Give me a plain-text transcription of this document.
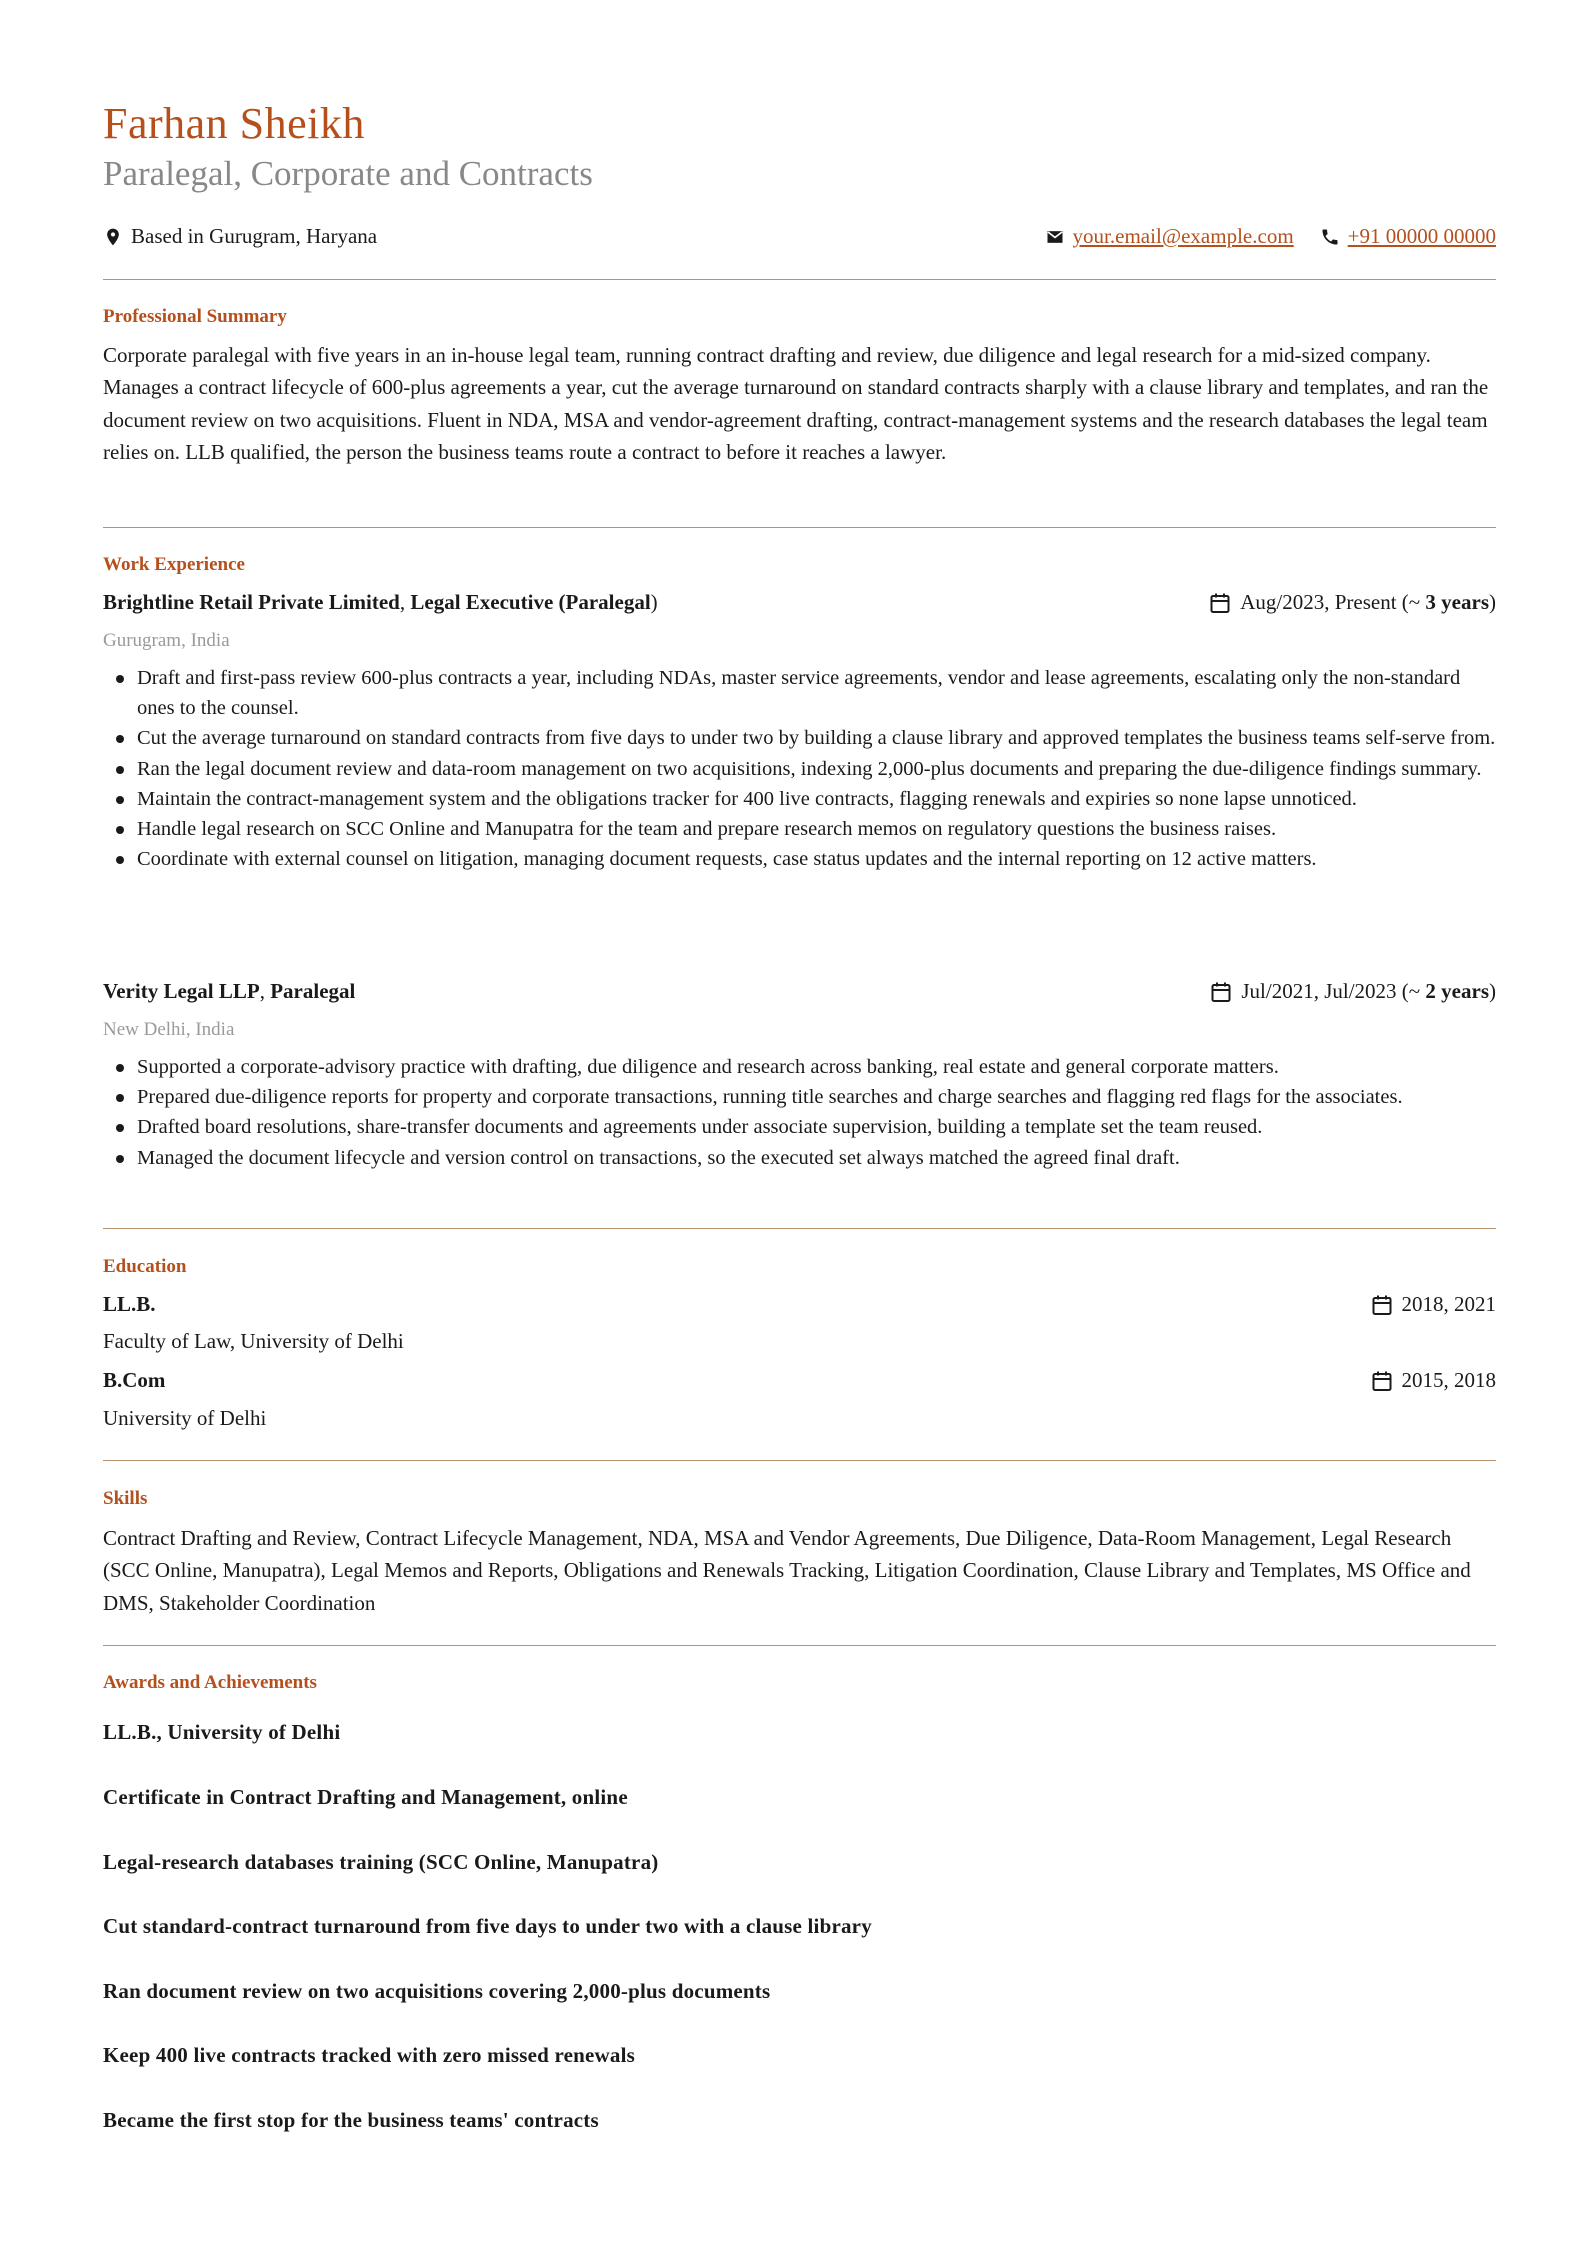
Farhan Sheikh
Paralegal, Corporate and Contracts
Based in Gurugram, Haryana	your.email@example.com	+91 00000 00000
Professional Summary
Corporate paralegal with five years in an in-house legal team, running contract drafting and review, due diligence and legal research for a mid-sized company. Manages a contract lifecycle of 600-plus agreements a year, cut the average turnaround on standard contracts sharply with a clause library and templates, and ran the document review on two acquisitions. Fluent in NDA, MSA and vendor-agreement drafting, contract-management systems and the research databases the legal team relies on. LLB qualified, the person the business teams route a contract to before it reaches a lawyer.
Work Experience
Brightline Retail Private Limited, Legal Executive (Paralegal)	Aug/2023, Present (~ 3 years)
Gurugram, India
Draft and first-pass review 600-plus contracts a year, including NDAs, master service agreements, vendor and lease agreements, escalating only the non-standard ones to the counsel.
Cut the average turnaround on standard contracts from five days to under two by building a clause library and approved templates the business teams self-serve from.
Ran the legal document review and data-room management on two acquisitions, indexing 2,000-plus documents and preparing the due-diligence findings summary.
Maintain the contract-management system and the obligations tracker for 400 live contracts, flagging renewals and expiries so none lapse unnoticed.
Handle legal research on SCC Online and Manupatra for the team and prepare research memos on regulatory questions the business raises.
Coordinate with external counsel on litigation, managing document requests, case status updates and the internal reporting on 12 active matters.
Verity Legal LLP, Paralegal	Jul/2021, Jul/2023 (~ 2 years)
New Delhi, India
Supported a corporate-advisory practice with drafting, due diligence and research across banking, real estate and general corporate matters.
Prepared due-diligence reports for property and corporate transactions, running title searches and charge searches and flagging red flags for the associates.
Drafted board resolutions, share-transfer documents and agreements under associate supervision, building a template set the team reused.
Managed the document lifecycle and version control on transactions, so the executed set always matched the agreed final draft.
Education
LL.B.	2018, 2021
Faculty of Law, University of Delhi
B.Com	2015, 2018
University of Delhi
Skills
Contract Drafting and Review, Contract Lifecycle Management, NDA, MSA and Vendor Agreements, Due Diligence, Data-Room Management, Legal Research (SCC Online, Manupatra), Legal Memos and Reports, Obligations and Renewals Tracking, Litigation Coordination, Clause Library and Templates, MS Office and DMS, Stakeholder Coordination
Awards and Achievements
LL.B., University of Delhi
Certificate in Contract Drafting and Management, online
Legal-research databases training (SCC Online, Manupatra)
Cut standard-contract turnaround from five days to under two with a clause library
Ran document review on two acquisitions covering 2,000-plus documents
Keep 400 live contracts tracked with zero missed renewals
Became the first stop for the business teams' contracts
